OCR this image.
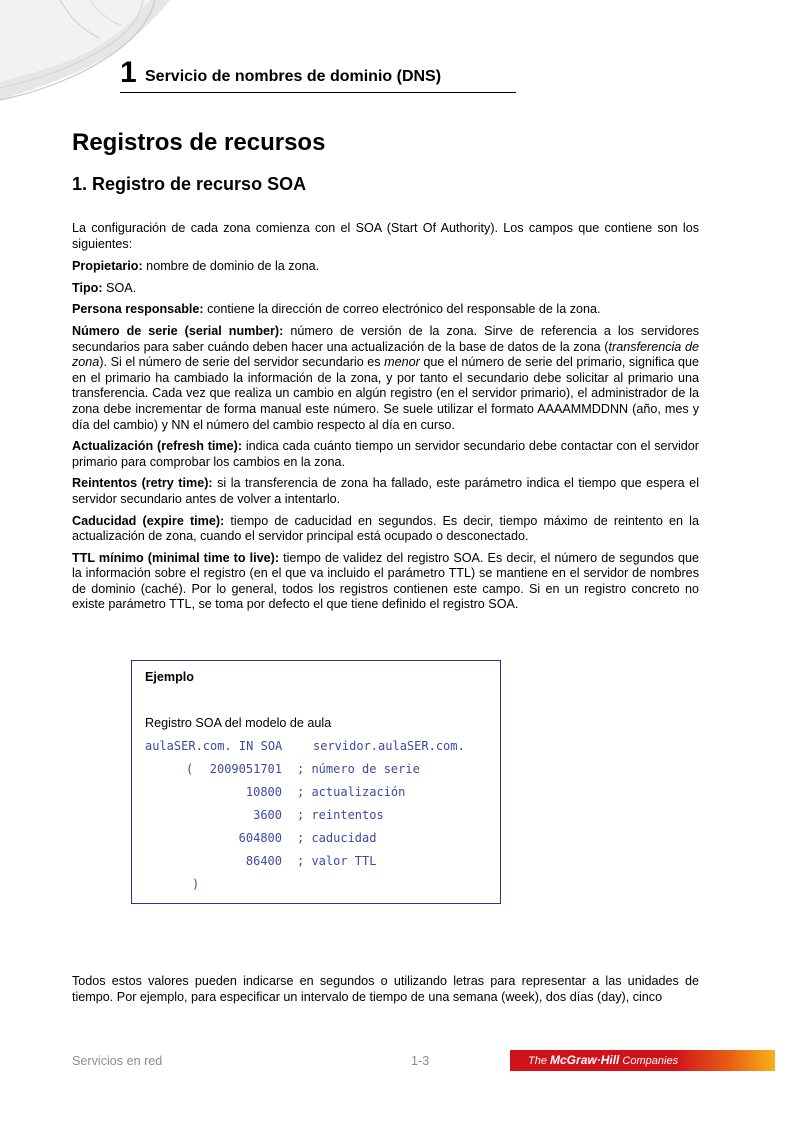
1 Servicio de nombres de dominio (DNS)
Registros de recursos
1. Registro de recurso SOA

La configuración de cada zona comienza con el SOA (Start Of Authority). Los campos que contiene son los siguientes:

Propietario: nombre de dominio de la zona.

Tipo: SOA.

Persona responsable: contiene la dirección de correo electrónico del responsable de la zona.

Número de serie (serial number): número de versión de la zona. Sirve de referencia a los servidores secundarios para saber cuándo deben hacer una actualización de la base de datos de la zona (transferencia de zona). Si el número de serie del servidor secundario es menor que el número de serie del primario, significa que en el primario ha cambiado la información de la zona, y por tanto el secundario debe solicitar al primario una transferencia. Cada vez que realiza un cambio en algún registro (en el servidor primario), el administrador de la zona debe incrementar de forma manual este número. Se suele utilizar el formato AAAAMMDDNN (año, mes y día del cambio) y NN el número del cambio respecto al día en curso.

Actualización (refresh time): indica cada cuánto tiempo un servidor secundario debe contactar con el servidor primario para comprobar los cambios en la zona.

Reintentos (retry time): si la transferencia de zona ha fallado, este parámetro indica el tiempo que espera el servidor secundario antes de volver a intentarlo.

Caducidad (expire time): tiempo de caducidad en segundos. Es decir, tiempo máximo de reintento en la actualización de zona, cuando el servidor principal está ocupado o desconectado.

TTL mínimo (minimal time to live): tiempo de validez del registro SOA. Es decir, el número de segundos que la información sobre el registro (en el que va incluido el parámetro TTL) se mantiene en el servidor de nombres de dominio (caché). Por lo general, todos los registros contienen este campo. Si en un registro concreto no existe parámetro TTL, se toma por defecto el que tiene definido el registro SOA.

Ejemplo
Registro SOA del modelo de aula
aulaSER.com. IN SOA	servidor.aulaSER.com.
(	2009051701 ; número de serie
10800 ; actualización
3600 ; reintentos
604800 ; caducidad
86400 ; valor TTL
)

Todos estos valores pueden indicarse en segundos o utilizando letras para representar a las unidades de tiempo. Por ejemplo, para especificar un intervalo de tiempo de una semana (week), dos días (day), cinco

Servicios en red	1-3	The McGraw·Hill Companies
